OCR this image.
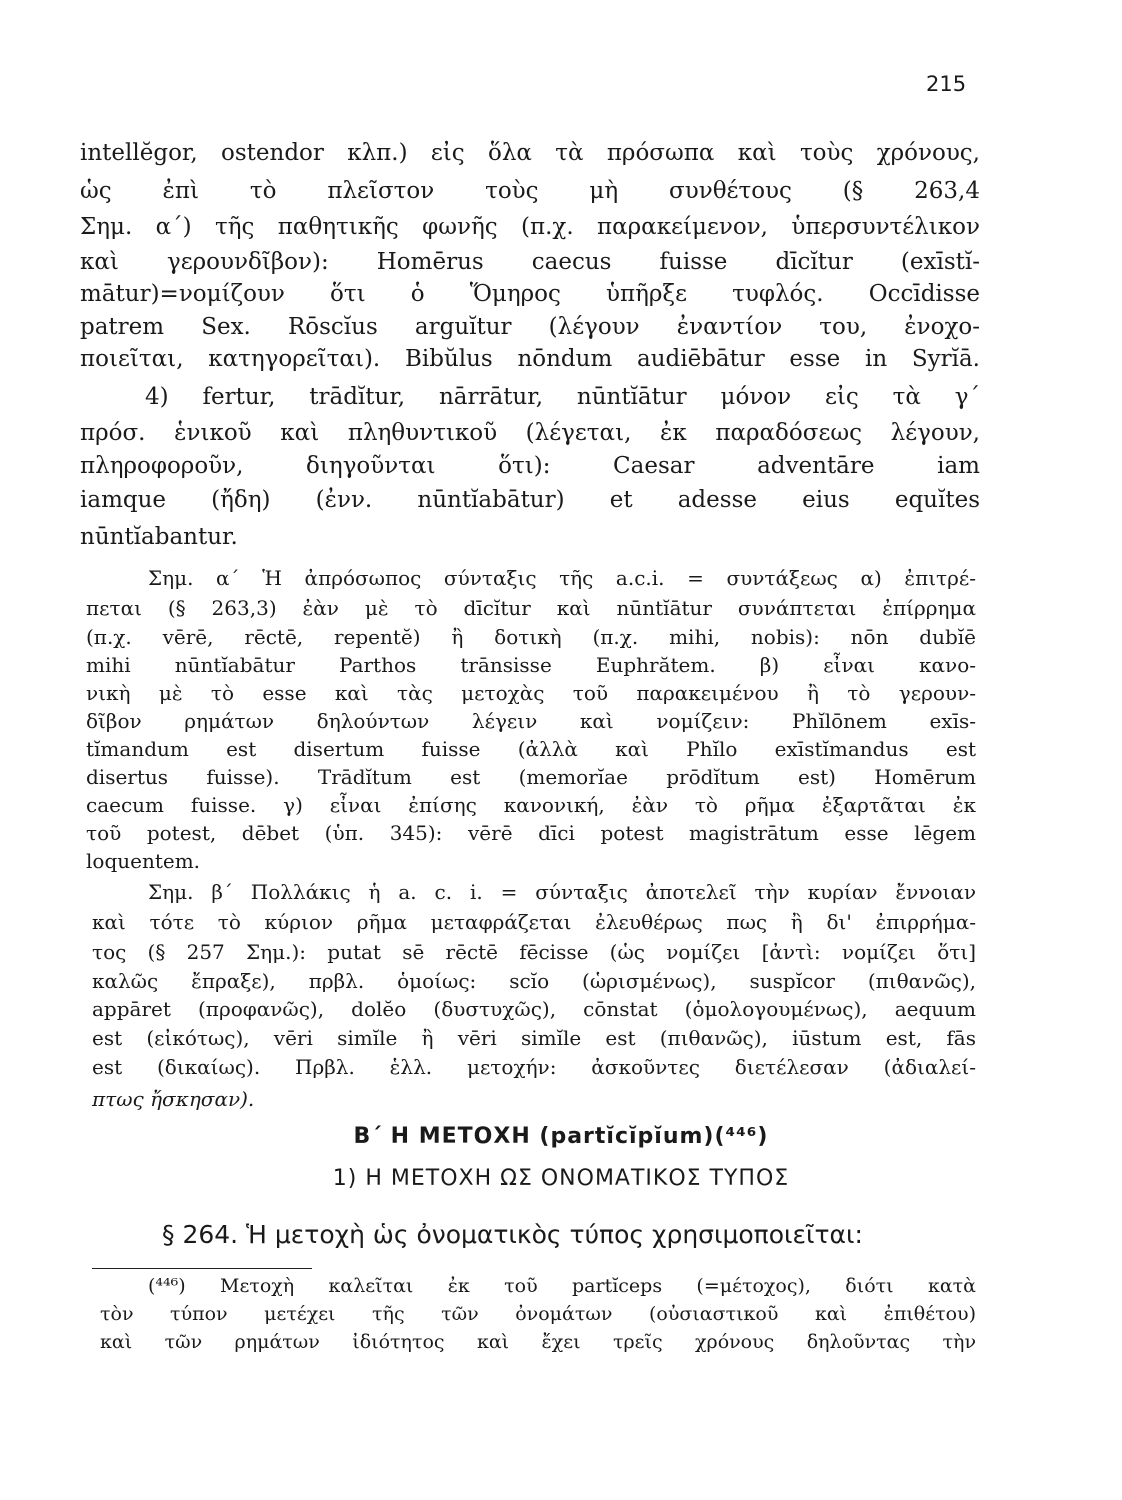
215
intellĕgor, ostendor κλπ.) εἰς ὅλα τὰ πρόσωπα καὶ τοὺς χρόνους,
ὡς ἐπὶ τὸ πλεῖστον τοὺς μὴ συνθέτους (§ 263,4
Σημ. α΄) τῆς παθητικῆς φωνῆς (π.χ. παρακείμενον, ὑπερσυντέλικον
καὶ γερουνδῖβον): Homērus caecus fuisse dīcĭtur (exīstĭ-
mātur)=νομίζουν ὅτι ὁ Ὅμηρος ὑπῆρξε τυφλός. Occīdisse
patrem Sex. Rōscĭus arguĭtur (λέγουν ἐναντίον του, ἐνοχο-
ποιεῖται, κατηγορεῖται). Bibŭlus nōndum audiēbātur esse in Syrĭā.
4) fertur, trādĭtur, nārrātur, nūntĭātur μόνον εἰς τὰ γ΄
πρόσ. ἑνικοῦ καὶ πληθυντικοῦ (λέγεται, ἐκ παραδόσεως λέγουν,
πληροφοροῦν, διηγοῦνται ὅτι): Caesar adventāre iam
iamque (ἤδη) (ἐνν. nūntĭabātur) et adesse eius equĭtes
nūntĭabantur.
Σημ. α΄ Ἡ ἀπρόσωπος σύνταξις τῆς a.c.i. = συντάξεως α) ἐπιτρέ-
πεται (§ 263,3) ἐὰν μὲ τὸ dīcĭtur καὶ nūntĭātur συνάπτεται ἐπίρρημα
(π.χ. vērē, rēctē, repentĕ) ἢ δοτικὴ (π.χ. mihi, nobis): nōn dubĭē
mihi nūntĭabātur Parthos trānsisse Euphrătem. β) εἶναι κανο-
νικὴ μὲ τὸ esse καὶ τὰς μετοχὰς τοῦ παρακειμένου ἢ τὸ γερουν-
δῖβον ρημάτων δηλούντων λέγειν καὶ νομίζειν: Phĭlōnem exīs-
tĭmandum est disertum fuisse (ἀλλὰ καὶ Phĭlo exīstĭmandus est
disertus fuisse). Trādĭtum est (memorĭae prōdĭtum est) Homērum
caecum fuisse. γ) εἶναι ἐπίσης κανονική, ἐὰν τὸ ρῆμα ἐξαρτᾶται ἐκ
τοῦ potest, dēbet (ὑπ. 345): vērē dīci potest magistrātum esse lēgem
loquentem.
Σημ. β΄ Πολλάκις ἡ a. c. i. = σύνταξις ἀποτελεῖ τὴν κυρίαν ἔννοιαν
καὶ τότε τὸ κύριον ρῆμα μεταφράζεται ἐλευθέρως πως ἢ δι' ἐπιρρήμα-
τος (§ 257 Σημ.): putat sē rēctē fēcisse (ὡς νομίζει [ἀντὶ: νομίζει ὅτι]
καλῶς ἔπραξε), πρβλ. ὁμοίως: scĭo (ὡρισμένως), suspĭcor (πιθανῶς),
appāret (προφανῶς), dolĕo (δυστυχῶς), cōnstat (ὁμολογουμένως), aequum
est (εἰκότως), vēri simĭle ἢ vēri simĭle est (πιθανῶς), iūstum est, fās
est (δικαίως). Πρβλ. ἑλλ. μετοχήν: ἀσκοῦντες διετέλεσαν (ἀδιαλεί-
πτως ἤσκησαν).
Β΄ Η ΜΕΤΟΧΗ (partĭcĭpĭum)(⁴⁴⁶)
1) Η ΜΕΤΟΧΗ ΩΣ ΟΝΟΜΑΤΙΚΟΣ ΤΥΠΟΣ
§ 264. Ἡ μετοχὴ ὡς ὀνοματικὸς τύπος χρησιμοποιεῖται:
(⁴⁴⁶) Μετοχὴ καλεῖται ἐκ τοῦ partĭceps (=μέτοχος), διότι κατὰ
τὸν τύπον μετέχει τῆς τῶν ὀνομάτων (οὐσιαστικοῦ καὶ ἐπιθέτου)
καὶ τῶν ρημάτων ἰδιότητος καὶ ἔχει τρεῖς χρόνους δηλοῦντας τὴν
